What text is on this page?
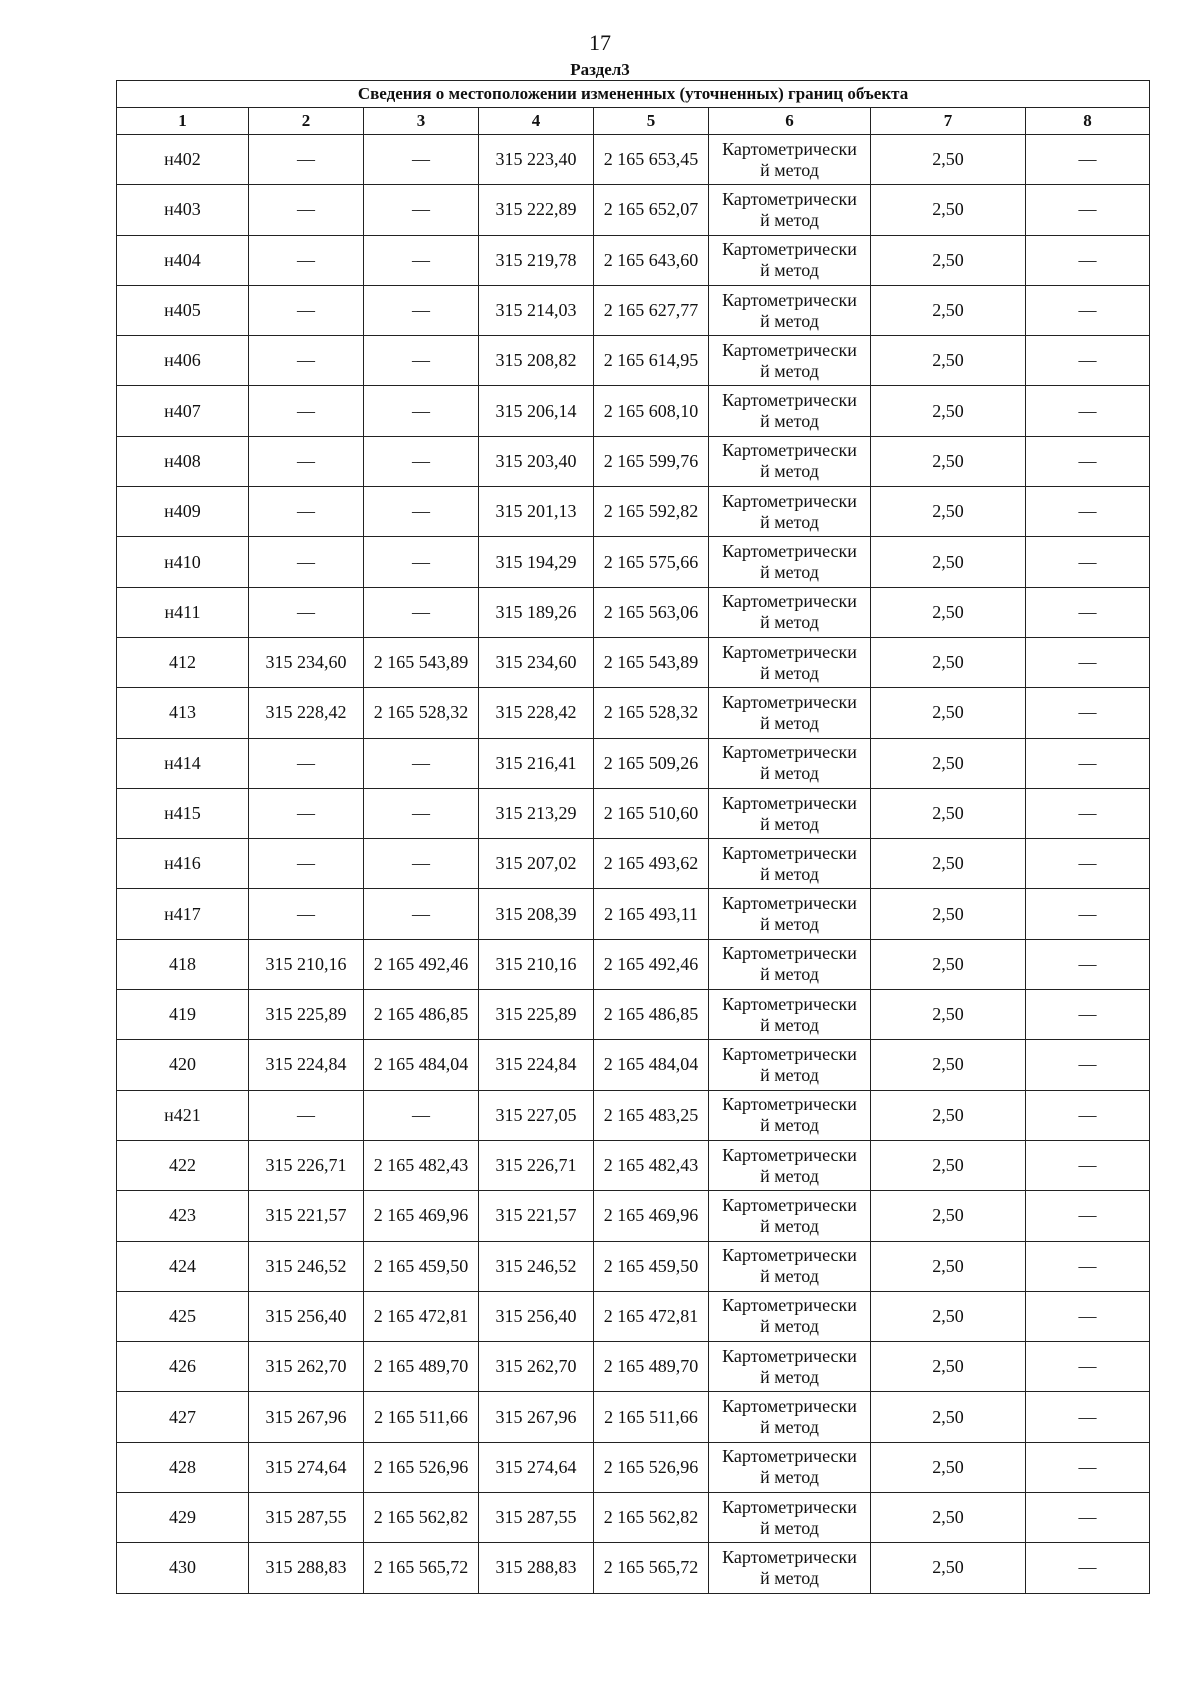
17
Раздел3
Сведения о местоположении измененных (уточненных) границ объекта							
1	2	3	4	5	6	7	8
н402	—	—	315 223,40	2 165 653,45	Картометрически
й метод	2,50	—
н403	—	—	315 222,89	2 165 652,07	Картометрически
й метод	2,50	—
н404	—	—	315 219,78	2 165 643,60	Картометрически
й метод	2,50	—
н405	—	—	315 214,03	2 165 627,77	Картометрически
й метод	2,50	—
н406	—	—	315 208,82	2 165 614,95	Картометрически
й метод	2,50	—
н407	—	—	315 206,14	2 165 608,10	Картометрически
й метод	2,50	—
н408	—	—	315 203,40	2 165 599,76	Картометрически
й метод	2,50	—
н409	—	—	315 201,13	2 165 592,82	Картометрически
й метод	2,50	—
н410	—	—	315 194,29	2 165 575,66	Картометрически
й метод	2,50	—
н411	—	—	315 189,26	2 165 563,06	Картометрически
й метод	2,50	—
412	315 234,60	2 165 543,89	315 234,60	2 165 543,89	Картометрически
й метод	2,50	—
413	315 228,42	2 165 528,32	315 228,42	2 165 528,32	Картометрически
й метод	2,50	—
н414	—	—	315 216,41	2 165 509,26	Картометрически
й метод	2,50	—
н415	—	—	315 213,29	2 165 510,60	Картометрически
й метод	2,50	—
н416	—	—	315 207,02	2 165 493,62	Картометрически
й метод	2,50	—
н417	—	—	315 208,39	2 165 493,11	Картометрически
й метод	2,50	—
418	315 210,16	2 165 492,46	315 210,16	2 165 492,46	Картометрически
й метод	2,50	—
419	315 225,89	2 165 486,85	315 225,89	2 165 486,85	Картометрически
й метод	2,50	—
420	315 224,84	2 165 484,04	315 224,84	2 165 484,04	Картометрически
й метод	2,50	—
н421	—	—	315 227,05	2 165 483,25	Картометрически
й метод	2,50	—
422	315 226,71	2 165 482,43	315 226,71	2 165 482,43	Картометрически
й метод	2,50	—
423	315 221,57	2 165 469,96	315 221,57	2 165 469,96	Картометрически
й метод	2,50	—
424	315 246,52	2 165 459,50	315 246,52	2 165 459,50	Картометрически
й метод	2,50	—
425	315 256,40	2 165 472,81	315 256,40	2 165 472,81	Картометрически
й метод	2,50	—
426	315 262,70	2 165 489,70	315 262,70	2 165 489,70	Картометрически
й метод	2,50	—
427	315 267,96	2 165 511,66	315 267,96	2 165 511,66	Картометрически
й метод	2,50	—
428	315 274,64	2 165 526,96	315 274,64	2 165 526,96	Картометрически
й метод	2,50	—
429	315 287,55	2 165 562,82	315 287,55	2 165 562,82	Картометрически
й метод	2,50	—
430	315 288,83	2 165 565,72	315 288,83	2 165 565,72	Картометрически
й метод	2,50	—
